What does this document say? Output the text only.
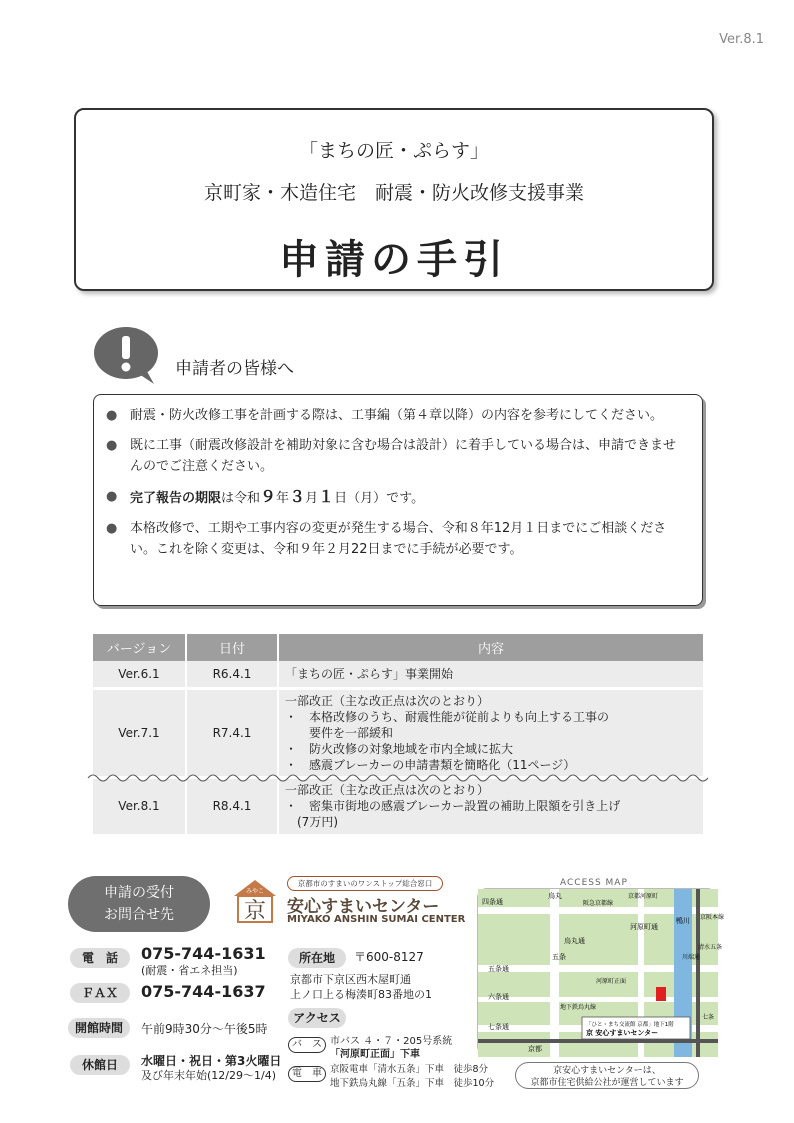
Ver.8.1
「まちの匠・ぷらす」
京町家・木造住宅　耐震・防火改修支援事業
申請の手引
申請者の皆様へ
● 耐震・防火改修工事を計画する際は、工事編（第４章以降）の内容を参考にしてください。
● 既に工事（耐震改修設計を補助対象に含む場合は設計）に着手している場合は、申請できませんのでご注意ください。
● 完了報告の期限は令和９年３月１日（月）です。
● 本格改修で、工期や工事内容の変更が発生する場合、令和８年12月１日までにご相談ください。これを除く変更は、令和９年２月22日までに手続が必要です。
バージョン	日付	内容
Ver.6.1	R6.4.1	「まちの匠・ぷらす」事業開始
Ver.7.1	R7.4.1	一部改正（主な改正点は次のとおり）
・　本格改修のうち、耐震性能が従前よりも向上する工事の
　　要件を一部緩和
・　防火改修の対象地域を市内全域に拡大
・　感震ブレーカーの申請書類を簡略化（11ページ）

Ver.8.1	R8.4.1	一部改正（主な改正点は次のとおり）
・　密集市街地の感震ブレーカー設置の補助上限額を引き上げ
　(7万円)
申請の受付
お問合せ先	京
みやこ
京都市のすまいのワンストップ総合窓口
安心すまいセンター
MIYAKO ANSHIN SUMAI CENTER
電　話	075-744-1631
(耐震・省エネ担当)
ＦＡＸ	075-744-1637
開館時間	午前9時30分～午後5時
休館日	水曜日・祝日・第3火曜日
及び年末年始(12/29～1/4)
所在地	〒600-8127
京都市下京区西木屋町通
上ノ口上る梅湊町83番地の1
アクセス
バ　ス 市バス ４・７・205号系統
「河原町正面」下車
電　車 京阪電車「清水五条」下車　徒歩8分
地下鉄烏丸線「五条」下車　徒歩10分
ACCESS MAP
四条通
烏丸
阪急京都線
京都河原町
河原町通
鴨川
川端通
京阪本線
清水五条
五条通
六条通
七条通
烏丸通
河原町正面
五条
地下鉄烏丸線
七条
京都
「ひと・まち交流館 京都」地下1階
京 安心すまいセンター
京安心すまいセンターは、
京都市住宅供給公社が運営しています
